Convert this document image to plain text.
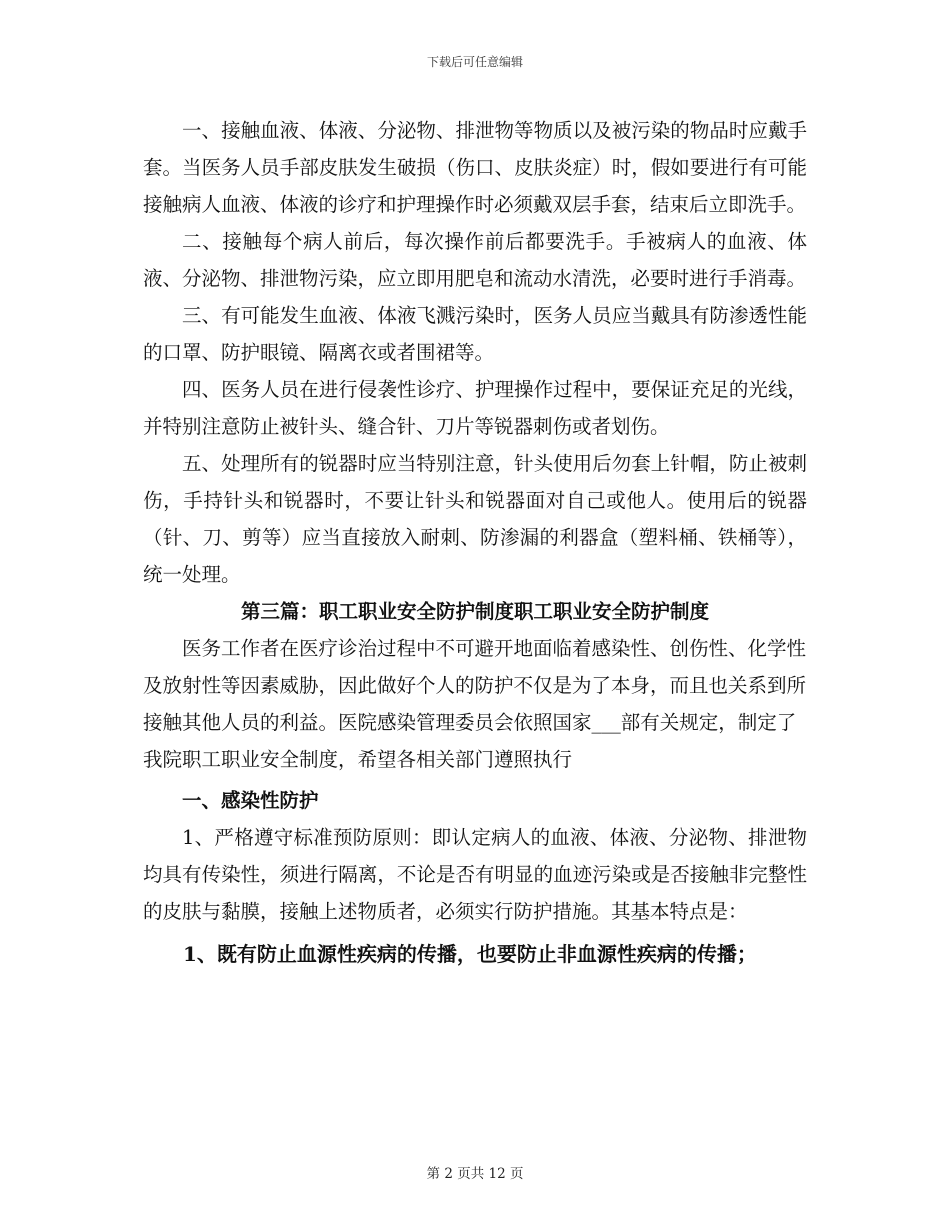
下载后可任意编辑

一、接触血液、体液、分泌物、排泄物等物质以及被污染的物品时应戴手套。当医务人员手部皮肤发生破损（伤口、皮肤炎症）时，假如要进行有可能接触病人血液、体液的诊疗和护理操作时必须戴双层手套，结束后立即洗手。

二、接触每个病人前后，每次操作前后都要洗手。手被病人的血液、体液、分泌物、排泄物污染，应立即用肥皂和流动水清洗，必要时进行手消毒。

三、有可能发生血液、体液飞溅污染时，医务人员应当戴具有防渗透性能的口罩、防护眼镜、隔离衣或者围裙等。

四、医务人员在进行侵袭性诊疗、护理操作过程中，要保证充足的光线，并特别注意防止被针头、缝合针、刀片等锐器刺伤或者划伤。

五、处理所有的锐器时应当特别注意，针头使用后勿套上针帽，防止被刺伤，手持针头和锐器时，不要让针头和锐器面对自己或他人。使用后的锐器（针、刀、剪等）应当直接放入耐刺、防渗漏的利器盒（塑料桶、铁桶等），统一处理。

第三篇：职工职业安全防护制度职工职业安全防护制度

医务工作者在医疗诊治过程中不可避开地面临着感染性、创伤性、化学性及放射性等因素威胁，因此做好个人的防护不仅是为了本身，而且也关系到所接触其他人员的利益。医院感染管理委员会依照国家___部有关规定，制定了我院职工职业安全制度，希望各相关部门遵照执行

一、感染性防护

1、严格遵守标准预防原则：即认定病人的血液、体液、分泌物、排泄物均具有传染性，须进行隔离，不论是否有明显的血迹污染或是否接触非完整性的皮肤与黏膜，接触上述物质者，必须实行防护措施。其基本特点是：

1、既有防止血源性疾病的传播，也要防止非血源性疾病的传播；

第 2 页共 12 页
